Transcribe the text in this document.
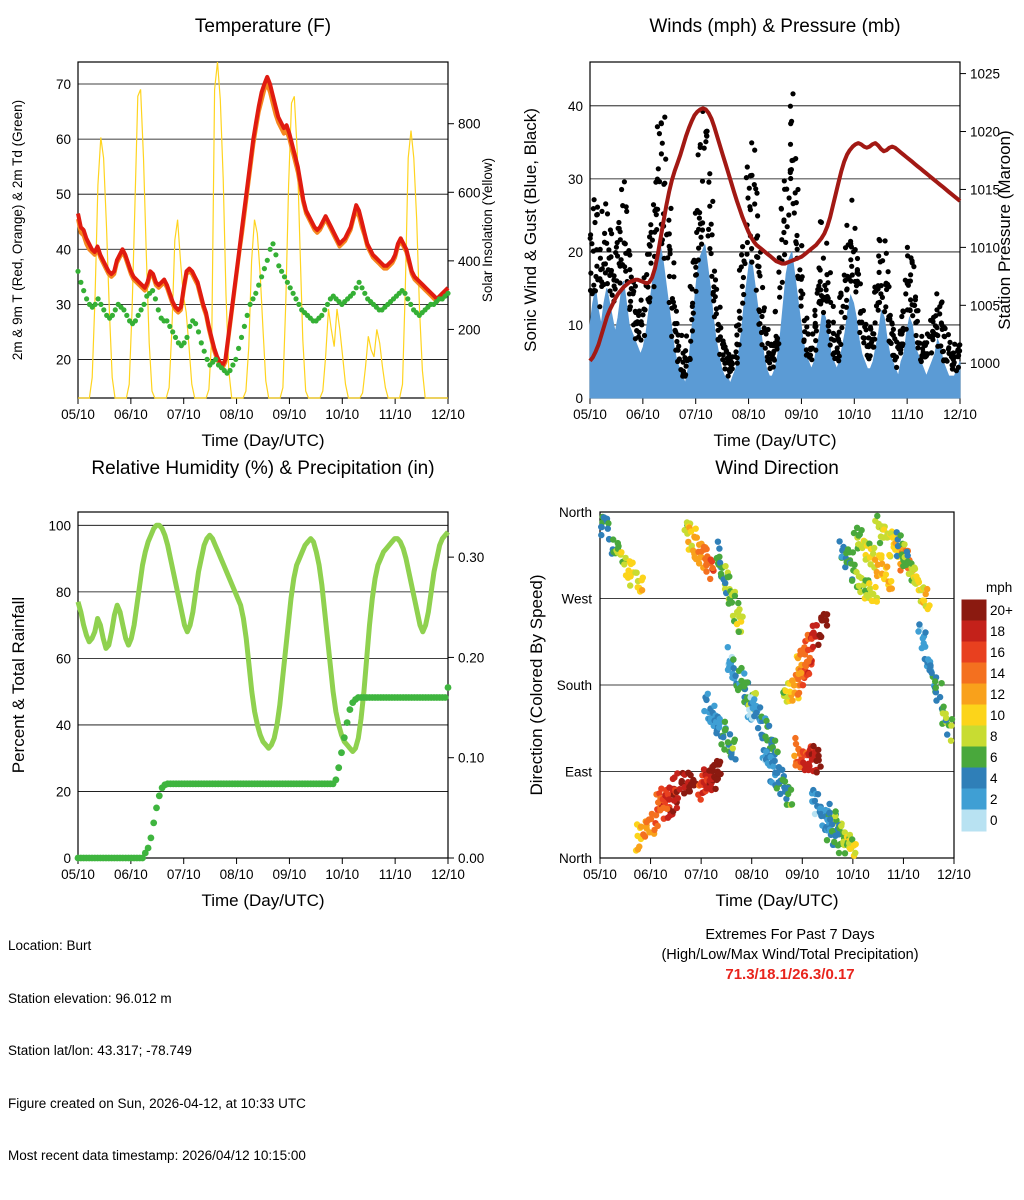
Temperature (F)
20
30
40
50
60
70
200
400
600
800
05/10 06/10 07/10 08/10 09/10 10/10 11/10 12/10
Time (Day/UTC)
2m & 9m T (Red, Orange) & 2m Td (Green)	Solar Insolation (Yellow)
Winds (mph) & Pressure (mb)
0
10
20
30
40
1000
1005
1010
1015
1020
1025
05/10 06/10 07/10 08/10 09/10 10/10 11/10 12/10
Time (Day/UTC)
Sonic Wind & Gust (Blue, Black)	Station Pressure (Maroon)
Relative Humidity (%) & Precipitation (in)
0
20
40
60
80
100
0.00
0.10
0.20
0.30
05/10 06/10 07/10 08/10 09/10 10/10 11/10 12/10
Time (Day/UTC)
Percent & Total Rainfall
Wind Direction
North
West
South
East
North
05/10 06/10 07/10 08/10 09/10 10/10 11/10 12/10
Time (Day/UTC)
Direction (Colored By Speed)	mph
20+
18
16
14
12
10
8
6
4
2
0

Location: Burt

Station elevation: 96.012 m

Station lat/lon: 43.317; -78.749

Figure created on Sun, 2026-04-12, at 10:33 UTC

Most recent data timestamp: 2026/04/12 10:15:00

Extremes For Past 7 Days
(High/Low/Max Wind/Total Precipitation)
71.3/18.1/26.3/0.17
